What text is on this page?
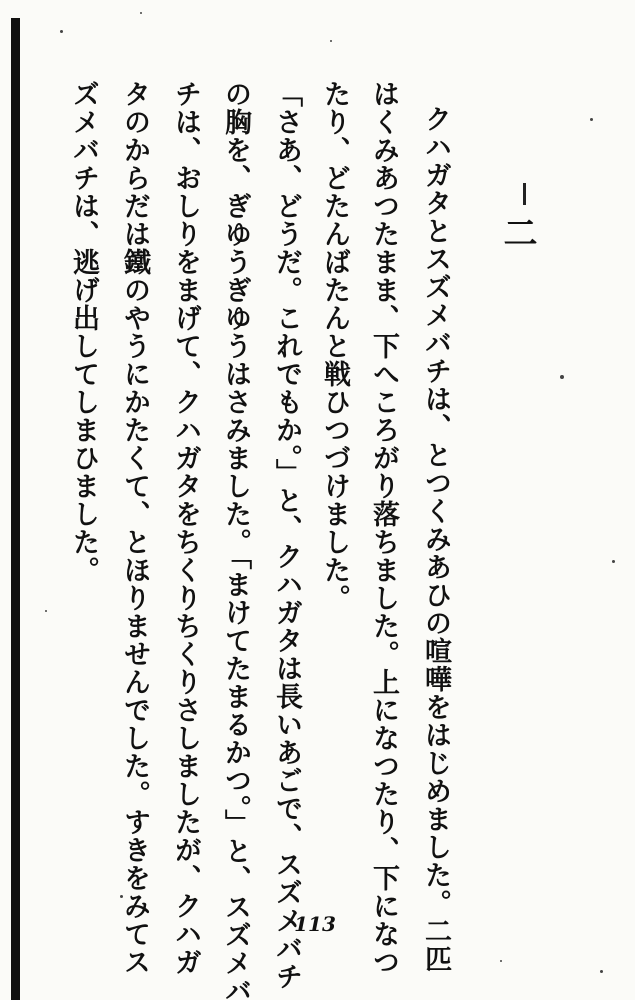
二
クハガタとスズメバチは、とつくみあひの喧嘩をはじめました。二匹
はくみあつたまま、下へころがり落ちました。上になつたり、下になつ
たり、どたんばたんと戦ひつづけました。
「さあ、どうだ。これでもか。」と、クハガタは長いあごで、スズメバチ
の胸を、ぎゆうぎゆうはさみました。「まけてたまるかつ。」と、スズメバ
チは、おしりをまげて、クハガタをちくりちくりさしましたが、クハガ
タのからだは鐵のやうにかたくて、とほりませんでした。すきをみてス
ズメバチは、逃げ出してしまひました。
113
